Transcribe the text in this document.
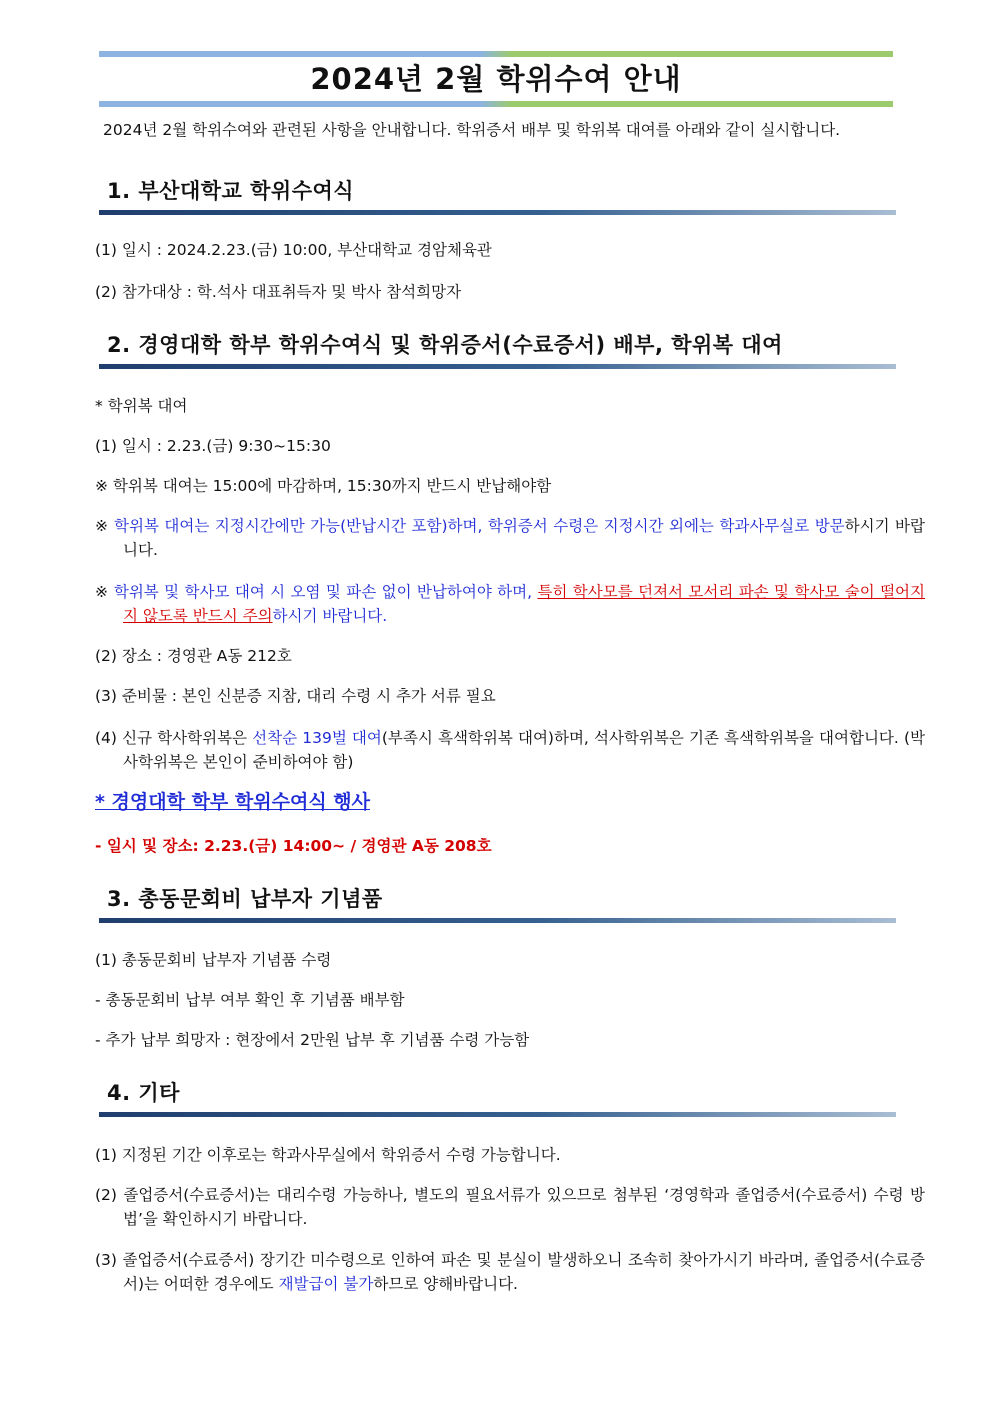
2024년 2월 학위수여 안내
2024년 2월 학위수여와 관련된 사항을 안내합니다. 학위증서 배부 및 학위복 대여를 아래와 같이 실시합니다.
1. 부산대학교 학위수여식
(1) 일시 : 2024.2.23.(금) 10:00, 부산대학교 경암체육관
(2) 참가대상 : 학.석사 대표취득자 및 박사 참석희망자
2. 경영대학 학부 학위수여식 및 학위증서(수료증서) 배부, 학위복 대여
* 학위복 대여
(1) 일시 : 2.23.(금) 9:30~15:30
※ 학위복 대여는 15:00에 마감하며, 15:30까지 반드시 반납해야함
※ 학위복 대여는 지정시간에만 가능(반납시간 포함)하며, 학위증서 수령은 지정시간 외에는 학과사무실로 방문하시기 바랍니다.
※ 학위복 및 학사모 대여 시 오염 및 파손 없이 반납하여야 하며, 특히 학사모를 던져서 모서리 파손 및 학사모 술이 떨어지지 않도록 반드시 주의하시기 바랍니다.
(2) 장소 : 경영관 A동 212호
(3) 준비물 : 본인 신분증 지참, 대리 수령 시 추가 서류 필요
(4) 신규 학사학위복은 선착순 139벌 대여(부족시 흑색학위복 대여)하며, 석사학위복은 기존 흑색학위복을 대여합니다. (박사학위복은 본인이 준비하여야 함)
* 경영대학 학부 학위수여식 행사
- 일시 및 장소: 2.23.(금) 14:00~ / 경영관 A동 208호
3. 총동문회비 납부자 기념품
(1) 총동문회비 납부자 기념품 수령
- 총동문회비 납부 여부 확인 후 기념품 배부함
- 추가 납부 희망자 : 현장에서 2만원 납부 후 기념품 수령 가능함
4. 기타
(1) 지정된 기간 이후로는 학과사무실에서 학위증서 수령 가능합니다.
(2) 졸업증서(수료증서)는 대리수령 가능하나, 별도의 필요서류가 있으므로 첨부된 ‘경영학과 졸업증서(수료증서) 수령 방법’을 확인하시기 바랍니다.
(3) 졸업증서(수료증서) 장기간 미수령으로 인하여 파손 및 분실이 발생하오니 조속히 찾아가시기 바라며, 졸업증서(수료증서)는 어떠한 경우에도 재발급이 불가하므로 양해바랍니다.
